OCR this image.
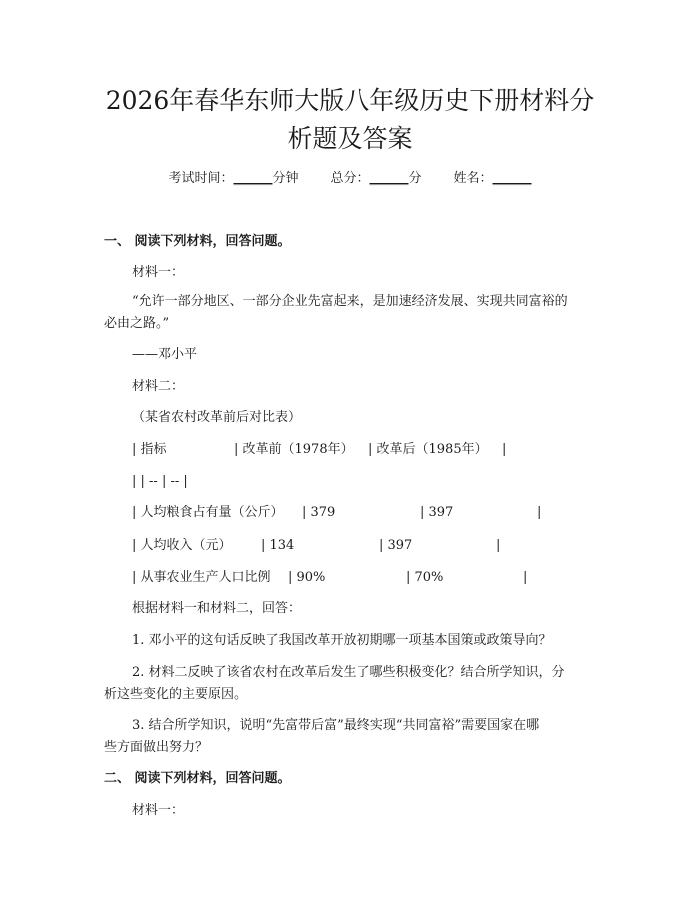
2026年春华东师大版八年级历史下册材料分析题及答案
考试时间：______分钟 总分：______分 姓名：______
一、 阅读下列材料，回答问题。
材料一：
“允许一部分地区、一部分企业先富起来，是加速经济发展、实现共同富裕的
必由之路。”
——邓小平
材料二：
（某省农村改革前后对比表）
| 指标	| 改革前（1978年） | 改革后（1985年） |
| | -- | -- |
| 人均粮食占有量（公斤） | 379	| 397	|
| 人均收入（元） | 134	| 397	|
| 从事农业生产人口比例 | 90%	| 70%	|
根据材料一和材料二，回答：
1. 邓小平的这句话反映了我国改革开放初期哪一项基本国策或政策导向？
2. 材料二反映了该省农村在改革后发生了哪些积极变化？结合所学知识，分
析这些变化的主要原因。
3. 结合所学知识，说明“先富带后富”最终实现“共同富裕”需要国家在哪
些方面做出努力？
二、 阅读下列材料，回答问题。
材料一：
